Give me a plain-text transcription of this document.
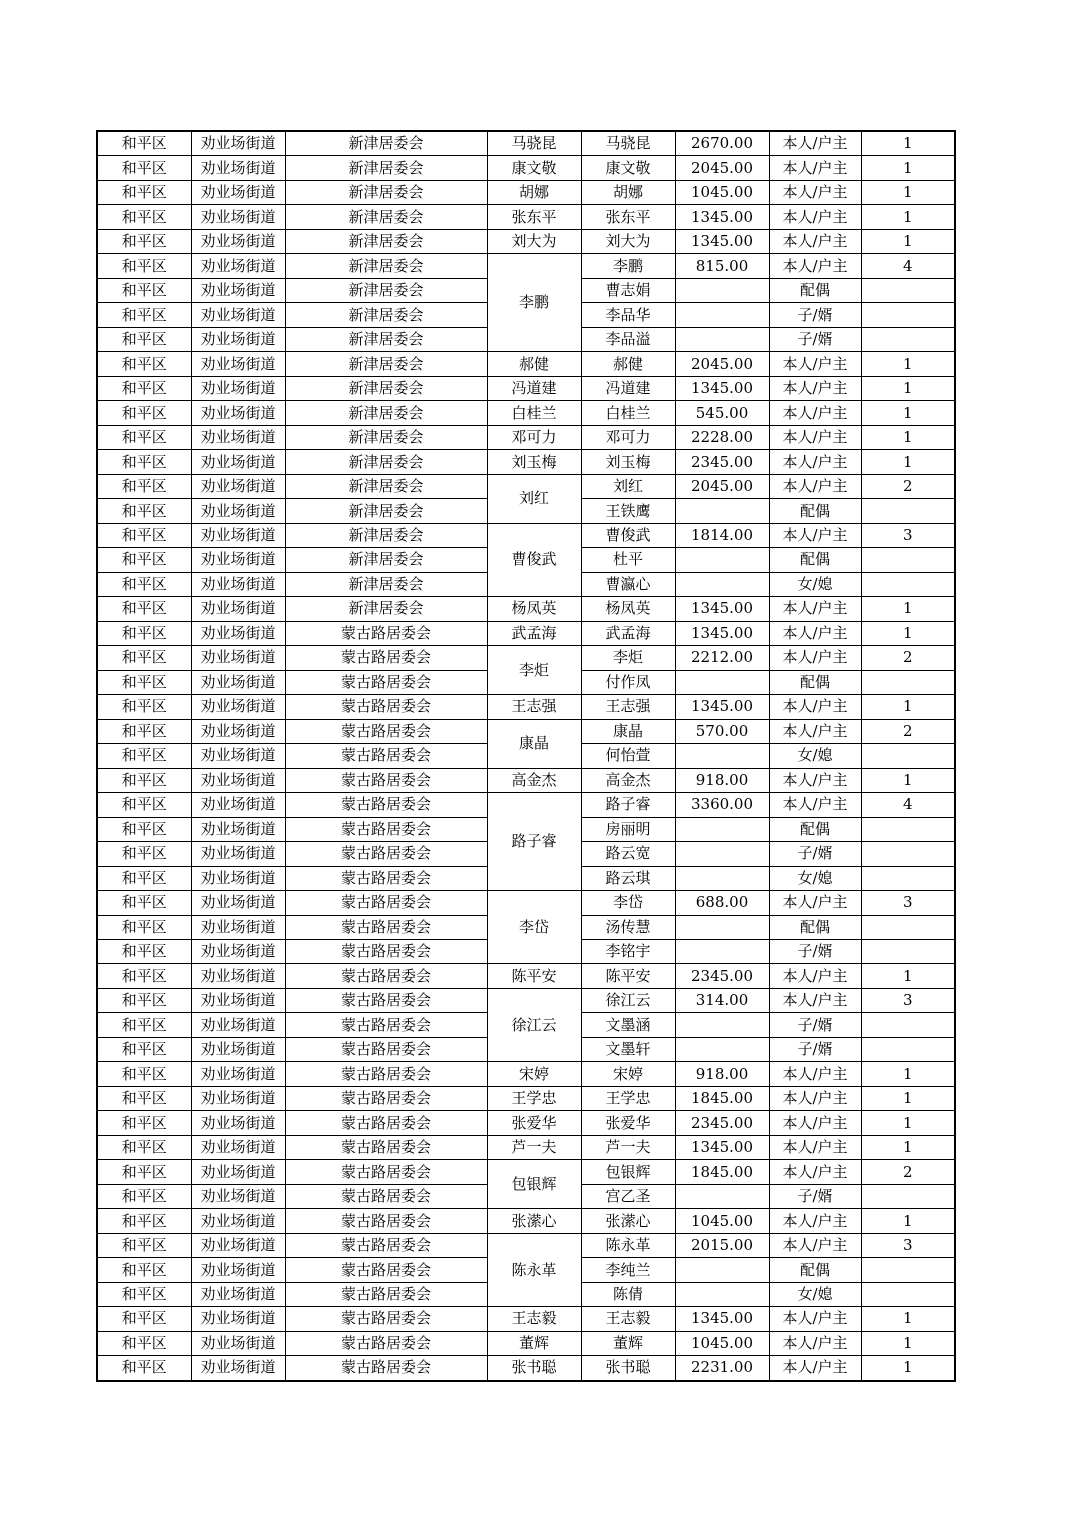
和平区	劝业场街道	新津居委会	马骁昆	马骁昆	2670.00	本人/户主	1
和平区	劝业场街道	新津居委会	康文敬	康文敬	2045.00	本人/户主	1
和平区	劝业场街道	新津居委会	胡娜	胡娜	1045.00	本人/户主	1
和平区	劝业场街道	新津居委会	张东平	张东平	1345.00	本人/户主	1
和平区	劝业场街道	新津居委会	刘大为	刘大为	1345.00	本人/户主	1
和平区	劝业场街道	新津居委会	李鹏	李鹏	815.00	本人/户主	4
和平区	劝业场街道	新津居委会		曹志娟		配偶	
和平区	劝业场街道	新津居委会		李品华		子/婿	
和平区	劝业场街道	新津居委会		李品溢		子/婿	
和平区	劝业场街道	新津居委会	郝健	郝健	2045.00	本人/户主	1
和平区	劝业场街道	新津居委会	冯道建	冯道建	1345.00	本人/户主	1
和平区	劝业场街道	新津居委会	白桂兰	白桂兰	545.00	本人/户主	1
和平区	劝业场街道	新津居委会	邓可力	邓可力	2228.00	本人/户主	1
和平区	劝业场街道	新津居委会	刘玉梅	刘玉梅	2345.00	本人/户主	1
和平区	劝业场街道	新津居委会	刘红	刘红	2045.00	本人/户主	2
和平区	劝业场街道	新津居委会		王铁鹰		配偶	
和平区	劝业场街道	新津居委会	曹俊武	曹俊武	1814.00	本人/户主	3
和平区	劝业场街道	新津居委会		杜平		配偶	
和平区	劝业场街道	新津居委会		曹瀛心		女/媳	
和平区	劝业场街道	新津居委会	杨凤英	杨凤英	1345.00	本人/户主	1
和平区	劝业场街道	蒙古路居委会	武孟海	武孟海	1345.00	本人/户主	1
和平区	劝业场街道	蒙古路居委会	李炬	李炬	2212.00	本人/户主	2
和平区	劝业场街道	蒙古路居委会		付作凤		配偶	
和平区	劝业场街道	蒙古路居委会	王志强	王志强	1345.00	本人/户主	1
和平区	劝业场街道	蒙古路居委会	康晶	康晶	570.00	本人/户主	2
和平区	劝业场街道	蒙古路居委会		何怡萱		女/媳	
和平区	劝业场街道	蒙古路居委会	高金杰	高金杰	918.00	本人/户主	1
和平区	劝业场街道	蒙古路居委会	路子睿	路子睿	3360.00	本人/户主	4
和平区	劝业场街道	蒙古路居委会		房丽明		配偶	
和平区	劝业场街道	蒙古路居委会		路云宽		子/婿	
和平区	劝业场街道	蒙古路居委会		路云琪		女/媳	
和平区	劝业场街道	蒙古路居委会	李岱	李岱	688.00	本人/户主	3
和平区	劝业场街道	蒙古路居委会		汤传慧		配偶	
和平区	劝业场街道	蒙古路居委会		李铭宇		子/婿	
和平区	劝业场街道	蒙古路居委会	陈平安	陈平安	2345.00	本人/户主	1
和平区	劝业场街道	蒙古路居委会	徐江云	徐江云	314.00	本人/户主	3
和平区	劝业场街道	蒙古路居委会		文墨涵		子/婿	
和平区	劝业场街道	蒙古路居委会		文墨轩		子/婿	
和平区	劝业场街道	蒙古路居委会	宋婷	宋婷	918.00	本人/户主	1
和平区	劝业场街道	蒙古路居委会	王学忠	王学忠	1845.00	本人/户主	1
和平区	劝业场街道	蒙古路居委会	张爱华	张爱华	2345.00	本人/户主	1
和平区	劝业场街道	蒙古路居委会	芦一夫	芦一夫	1345.00	本人/户主	1
和平区	劝业场街道	蒙古路居委会	包银辉	包银辉	1845.00	本人/户主	2
和平区	劝业场街道	蒙古路居委会		宫乙圣		子/婿	
和平区	劝业场街道	蒙古路居委会	张潆心	张潆心	1045.00	本人/户主	1
和平区	劝业场街道	蒙古路居委会	陈永革	陈永革	2015.00	本人/户主	3
和平区	劝业场街道	蒙古路居委会		李纯兰		配偶	
和平区	劝业场街道	蒙古路居委会		陈倩		女/媳	
和平区	劝业场街道	蒙古路居委会	王志毅	王志毅	1345.00	本人/户主	1
和平区	劝业场街道	蒙古路居委会	董辉	董辉	1045.00	本人/户主	1
和平区	劝业场街道	蒙古路居委会	张书聪	张书聪	2231.00	本人/户主	1
